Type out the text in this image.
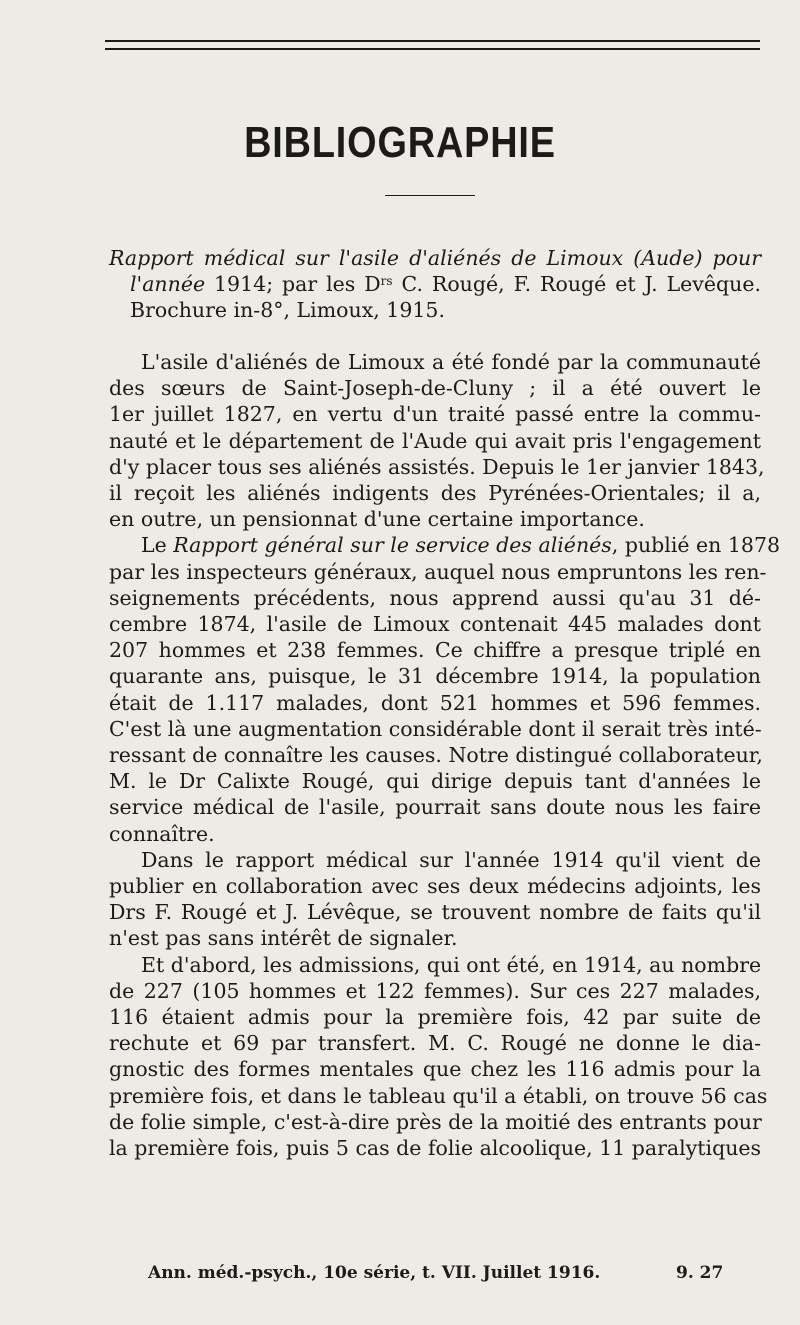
BIBLIOGRAPHIE
Rapport médical sur l'asile d'aliénés de Limoux (Aude) pour
l'année 1914; par les $D^{rs}$ C. Rougé, F. Rougé et J. Levêque.
Brochure in-8°, Limoux, 1915.
L'asile d'aliénés de Limoux a été fondé par la communauté
des sœurs de Saint-Joseph-de-Cluny ; il a été ouvert le
1er juillet 1827, en vertu d'un traité passé entre la commu-
nauté et le département de l'Aude qui avait pris l'engagement
d'y placer tous ses aliénés assistés. Depuis le 1er janvier 1843,
il reçoit les aliénés indigents des Pyrénées-Orientales; il a,
en outre, un pensionnat d'une certaine importance.
Le Rapport général sur le service des aliénés, publié en 1878
par les inspecteurs généraux, auquel nous empruntons les ren-
seignements précédents, nous apprend aussi qu'au 31 dé-
cembre 1874, l'asile de Limoux contenait 445 malades dont
207 hommes et 238 femmes. Ce chiffre a presque triplé en
quarante ans, puisque, le 31 décembre 1914, la population
était de 1.117 malades, dont 521 hommes et 596 femmes.
C'est là une augmentation considérable dont il serait très inté-
ressant de connaître les causes. Notre distingué collaborateur,
M. le Dr Calixte Rougé, qui dirige depuis tant d'années le
service médical de l'asile, pourrait sans doute nous les faire
connaître.
Dans le rapport médical sur l'année 1914 qu'il vient de
publier en collaboration avec ses deux médecins adjoints, les
Drs F. Rougé et J. Lévêque, se trouvent nombre de faits qu'il
n'est pas sans intérêt de signaler.
Et d'abord, les admissions, qui ont été, en 1914, au nombre
de 227 (105 hommes et 122 femmes). Sur ces 227 malades,
116 étaient admis pour la première fois, 42 par suite de
rechute et 69 par transfert. M. C. Rougé ne donne le dia-
gnostic des formes mentales que chez les 116 admis pour la
première fois, et dans le tableau qu'il a établi, on trouve 56 cas
de folie simple, c'est-à-dire près de la moitié des entrants pour
la première fois, puis 5 cas de folie alcoolique, 11 paralytiques
Ann. méd.-psych., 10e série, t. VII. Juillet 1916.	9. 27
